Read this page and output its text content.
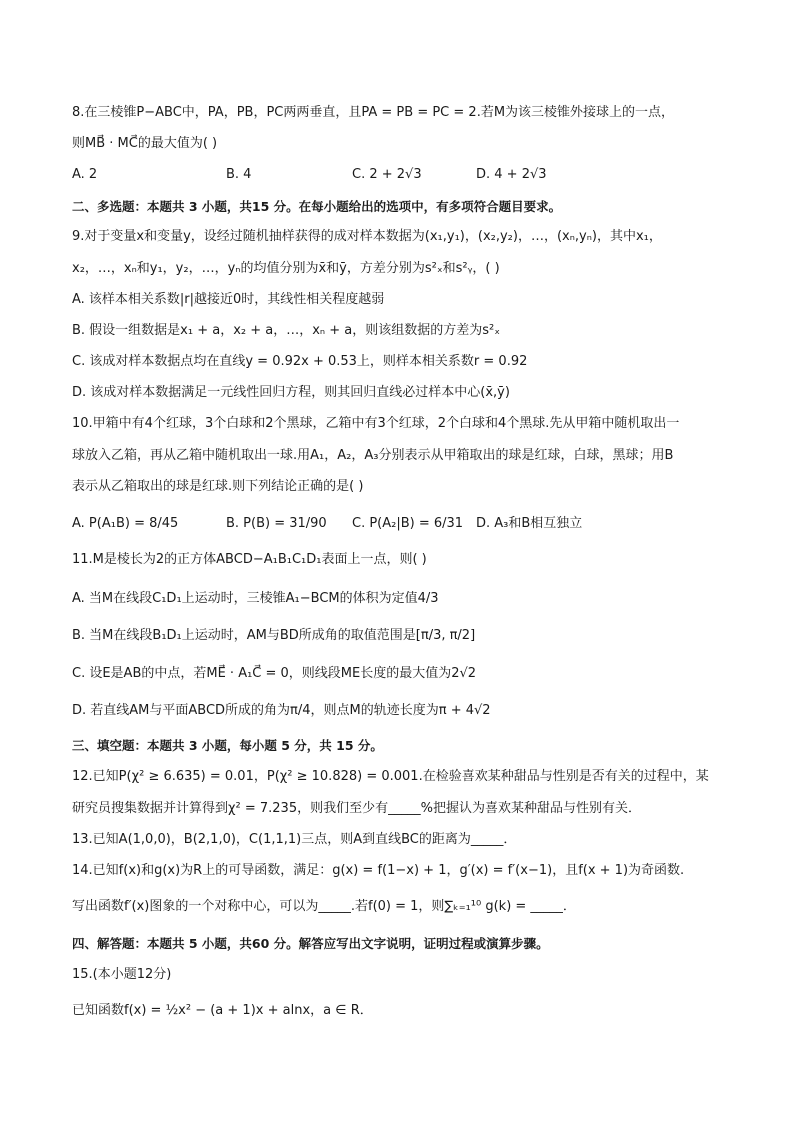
8.在三棱锥P−ABC中，PA，PB，PC两两垂直，且PA = PB = PC = 2.若M为该三棱锥外接球上的一点，
则MB⃗ · MC⃗的最大值为( )
A. 2	B. 4	C. 2 + 2√3	D. 4 + 2√3
二、多选题：本题共 3 小题，共15 分。在每小题给出的选项中，有多项符合题目要求。
9.对于变量x和变量y，设经过随机抽样获得的成对样本数据为(x₁,y₁)，(x₂,y₂)，…，(xₙ,yₙ)，其中x₁，
x₂，…，xₙ和y₁，y₂，…，yₙ的均值分别为x̄和ȳ，方差分别为s²ₓ和s²ᵧ，( )
A. 该样本相关系数|r|越接近0时，其线性相关程度越弱
B. 假设一组数据是x₁ + a，x₂ + a，…，xₙ + a，则该组数据的方差为s²ₓ
C. 该成对样本数据点均在直线y = 0.92x + 0.53上，则样本相关系数r = 0.92
D. 该成对样本数据满足一元线性回归方程，则其回归直线必过样本中心(x̄,ȳ)
10.甲箱中有4个红球，3个白球和2个黑球，乙箱中有3个红球，2个白球和4个黑球.先从甲箱中随机取出一
球放入乙箱，再从乙箱中随机取出一球.用A₁，A₂，A₃分别表示从甲箱取出的球是红球，白球，黑球；用B
表示从乙箱取出的球是红球.则下列结论正确的是( )
A. P(A₁B) = 8/45	B. P(B) = 31/90 C. P(A₂|B) = 6/31 D. A₃和B相互独立
11.M是棱长为2的正方体ABCD−A₁B₁C₁D₁表面上一点，则( )
A. 当M在线段C₁D₁上运动时，三棱锥A₁−BCM的体积为定值4/3
B. 当M在线段B₁D₁上运动时，AM与BD所成角的取值范围是[π/3, π/2]
C. 设E是AB的中点，若ME⃗ · A₁C⃗ = 0，则线段ME长度的最大值为2√2
D. 若直线AM与平面ABCD所成的角为π/4，则点M的轨迹长度为π + 4√2
三、填空题：本题共 3 小题，每小题 5 分，共 15 分。
12.已知P(χ² ≥ 6.635) = 0.01，P(χ² ≥ 10.828) = 0.001.在检验喜欢某种甜品与性别是否有关的过程中，某
研究员搜集数据并计算得到χ² = 7.235，则我们至少有_____%把握认为喜欢某种甜品与性别有关．
13.已知A(1,0,0)，B(2,1,0)，C(1,1,1)三点，则A到直线BC的距离为_____．
14.已知f(x)和g(x)为R上的可导函数，满足：g(x) = f(1−x) + 1，g′(x) = f′(x−1)，且f(x + 1)为奇函数.
写出函数f′(x)图象的一个对称中心，可以为_____.若f(0) = 1，则∑ₖ₌₁¹⁰ g(k) = _____．
四、解答题：本题共 5 小题，共60 分。解答应写出文字说明，证明过程或演算步骤。
15.(本小题12分)
已知函数f(x) = ½x² − (a + 1)x + alnx，a ∈ R．
